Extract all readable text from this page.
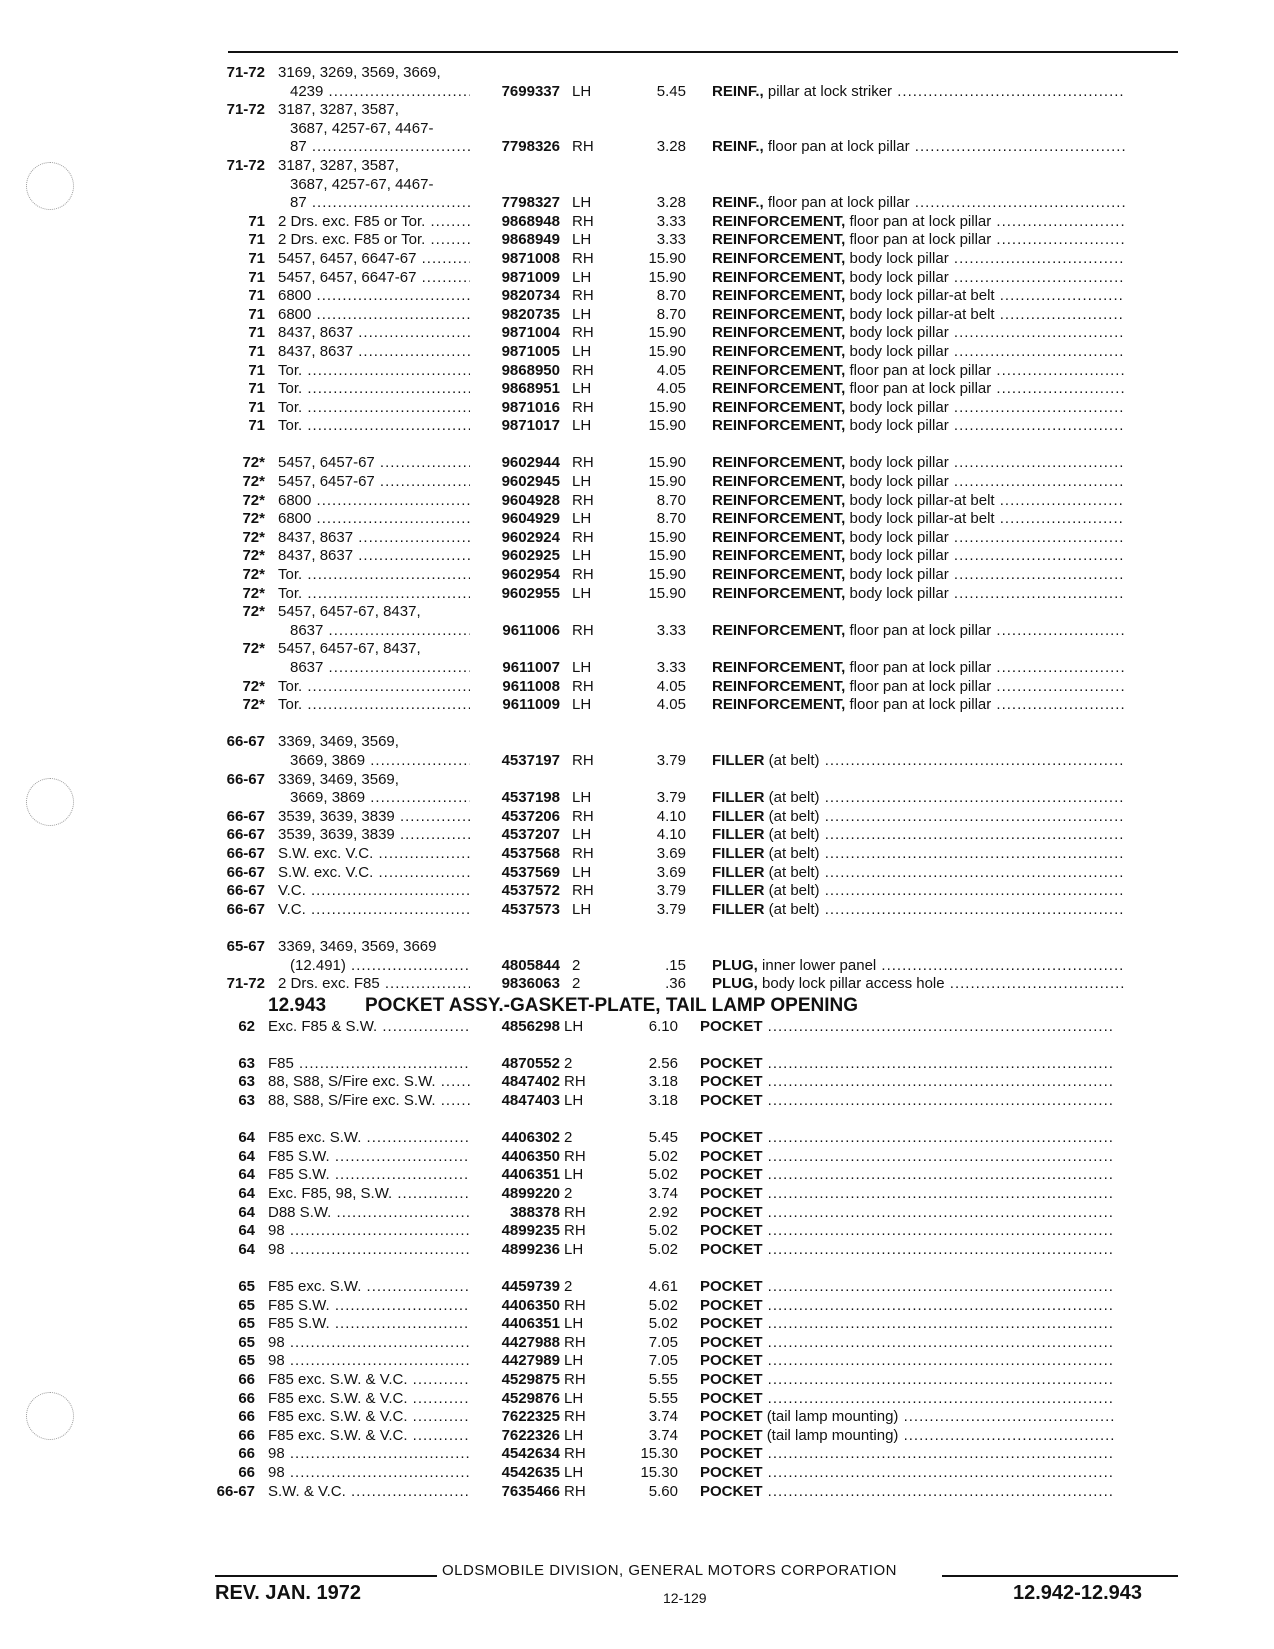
71-72 3169, 3269, 3569, 3669,
4239 .....	7699337 LH	5.45 REINF., pillar at lock striker .....
71-72 3187, 3287, 3587,
3687, 4257-67, 4467-
87 .....	7798326 RH	3.28 REINF., floor pan at lock pillar .....
71-72 3187, 3287, 3587,
3687, 4257-67, 4467-
87 .....	7798327 LH	3.28 REINF., floor pan at lock pillar .....
71 2 Drs. exc. F85 or Tor. .....	9868948 RH	3.33 REINFORCEMENT, floor pan at lock pillar .....
71 2 Drs. exc. F85 or Tor. .....	9868949 LH	3.33 REINFORCEMENT, floor pan at lock pillar .....
71 5457, 6457, 6647-67 .....	9871008 RH	15.90 REINFORCEMENT, body lock pillar .....
71 5457, 6457, 6647-67 .....	9871009 LH	15.90 REINFORCEMENT, body lock pillar .....
71 6800 .....	9820734 RH	8.70 REINFORCEMENT, body lock pillar-at belt .....
71 6800 .....	9820735 LH	8.70 REINFORCEMENT, body lock pillar-at belt .....
71 8437, 8637 .....	9871004 RH	15.90 REINFORCEMENT, body lock pillar .....
71 8437, 8637 .....	9871005 LH	15.90 REINFORCEMENT, body lock pillar .....
71 Tor. .....	9868950 RH	4.05 REINFORCEMENT, floor pan at lock pillar .....
71 Tor. .....	9868951 LH	4.05 REINFORCEMENT, floor pan at lock pillar .....
71 Tor. .....	9871016 RH	15.90 REINFORCEMENT, body lock pillar .....
71 Tor. .....	9871017 LH	15.90 REINFORCEMENT, body lock pillar .....
72* 5457, 6457-67 .....	9602944 RH	15.90 REINFORCEMENT, body lock pillar .....
72* 5457, 6457-67 .....	9602945 LH	15.90 REINFORCEMENT, body lock pillar .....
72* 6800 .....	9604928 RH	8.70 REINFORCEMENT, body lock pillar-at belt .....
72* 6800 .....	9604929 LH	8.70 REINFORCEMENT, body lock pillar-at belt .....
72* 8437, 8637 .....	9602924 RH	15.90 REINFORCEMENT, body lock pillar .....
72* 8437, 8637 .....	9602925 LH	15.90 REINFORCEMENT, body lock pillar .....
72* Tor. .....	9602954 RH	15.90 REINFORCEMENT, body lock pillar .....
72* Tor. .....	9602955 LH	15.90 REINFORCEMENT, body lock pillar .....
72* 5457, 6457-67, 8437,
8637 .....	9611006 RH	3.33 REINFORCEMENT, floor pan at lock pillar .....
72* 5457, 6457-67, 8437,
8637 .....	9611007 LH	3.33 REINFORCEMENT, floor pan at lock pillar .....
72* Tor. .....	9611008 RH	4.05 REINFORCEMENT, floor pan at lock pillar .....
72* Tor. .....	9611009 LH	4.05 REINFORCEMENT, floor pan at lock pillar .....
66-67 3369, 3469, 3569,
3669, 3869 .....	4537197 RH	3.79 FILLER (at belt) .....
66-67 3369, 3469, 3569,
3669, 3869 .....	4537198 LH	3.79 FILLER (at belt) .....
66-67 3539, 3639, 3839 .....	4537206 RH	4.10 FILLER (at belt) .....
66-67 3539, 3639, 3839 .....	4537207 LH	4.10 FILLER (at belt) .....
66-67 S.W. exc. V.C. .....	4537568 RH	3.69 FILLER (at belt) .....
66-67 S.W. exc. V.C. .....	4537569 LH	3.69 FILLER (at belt) .....
66-67 V.C. .....	4537572 RH	3.79 FILLER (at belt) .....
66-67 V.C. .....	4537573 LH	3.79 FILLER (at belt) .....
65-67 3369, 3469, 3569, 3669
(12.491) .....	4805844 2	.15 PLUG, inner lower panel .....
71-72 2 Drs. exc. F85 .....	9836063 2	.36 PLUG, body lock pillar access hole .....
12.943 POCKET ASSY.-GASKET-PLATE, TAIL LAMP OPENING
62 Exc. F85 & S.W. .....	4856298 LH	6.10 POCKET .....
63 F85 .....	4870552 2	2.56 POCKET .....
63 88, S88, S/Fire exc. S.W. .....	4847402 RH	3.18 POCKET .....
63 88, S88, S/Fire exc. S.W. .....	4847403 LH	3.18 POCKET .....
64 F85 exc. S.W. .....	4406302 2	5.45 POCKET .....
64 F85 S.W. .....	4406350 RH	5.02 POCKET .....
64 F85 S.W. .....	4406351 LH	5.02 POCKET .....
64 Exc. F85, 98, S.W. .....	4899220 2	3.74 POCKET .....
64 D88 S.W. .....	388378 RH	2.92 POCKET .....
64 98 .....	4899235 RH	5.02 POCKET .....
64 98 .....	4899236 LH	5.02 POCKET .....
65 F85 exc. S.W. .....	4459739 2	4.61 POCKET .....
65 F85 S.W. .....	4406350 RH	5.02 POCKET .....
65 F85 S.W. .....	4406351 LH	5.02 POCKET .....
65 98 .....	4427988 RH	7.05 POCKET .....
65 98 .....	4427989 LH	7.05 POCKET .....
66 F85 exc. S.W. & V.C. .....	4529875 RH	5.55 POCKET .....
66 F85 exc. S.W. & V.C. .....	4529876 LH	5.55 POCKET .....
66 F85 exc. S.W. & V.C. .....	7622325 RH	3.74 POCKET (tail lamp mounting) .....
66 F85 exc. S.W. & V.C. .....	7622326 LH	3.74 POCKET (tail lamp mounting) .....
66 98 .....	4542634 RH	15.30 POCKET .....
66 98 .....	4542635 LH	15.30 POCKET .....
66-67 S.W. & V.C. .....	7635466 RH	5.60 POCKET .....
OLDSMOBILE DIVISION, GENERAL MOTORS CORPORATION
REV. JAN. 1972	12-129	12.942-12.943
